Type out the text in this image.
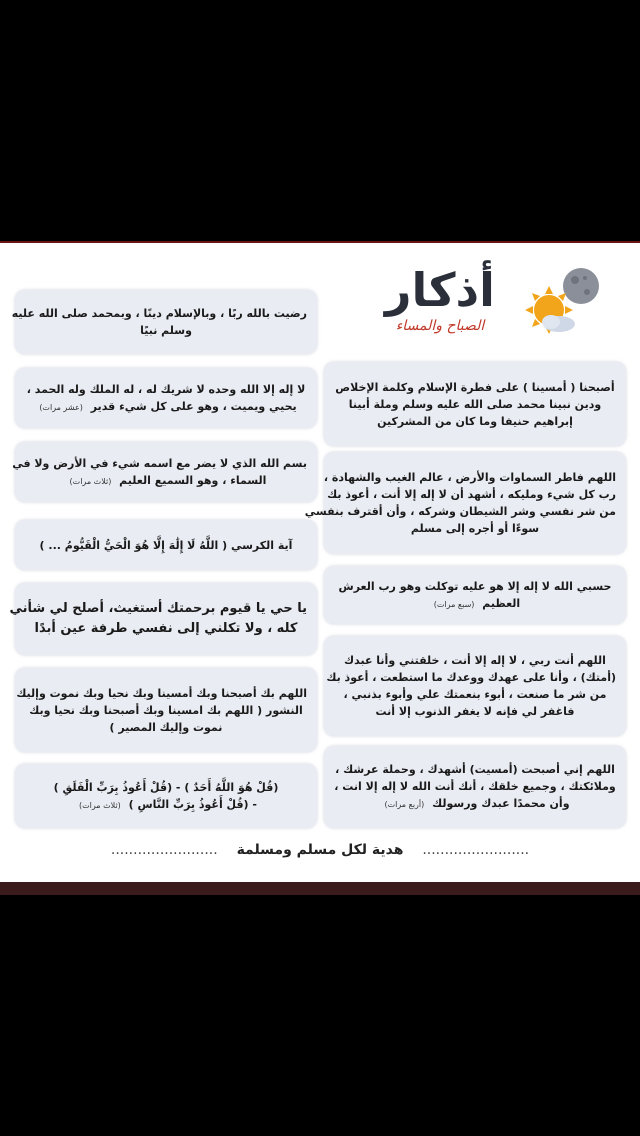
أذكار
الصباح والمساء
أصبحنا ( أمسينا ) على فطرة الإسلام وكلمة الإخلاص
ودين نبينا محمد صلى الله عليه وسلم وملة أبينا
إبراهيم حنيفا وما كان من المشركين
اللهم فاطر السماوات والأرض ، عالم الغيب والشهادة ،
رب كل شيء ومليكه ، أشهد أن لا إله إلا أنت ، أعوذ بك
من شر نفسي وشر الشيطان وشركه ، وأن أقترف بنفسي
سوءًا أو أجره إلى مسلم
حسبي الله لا إله إلا هو عليه توكلت وهو رب العرش
العظيم (سبع مرات)
اللهم أنت ربي ، لا إله إلا أنت ، خلقتني وأنا عبدك
(أمتك) ، وأنا على عهدك ووعدك ما استطعت ، أعوذ بك
من شر ما صنعت ، أبوء بنعمتك علي وأبوء بذنبي ،
فاغفر لي فإنه لا يغفر الذنوب إلا أنت
اللهم إني أصبحت (أمسيت) أشهدك ، وحملة عرشك ،
وملائكتك ، وجميع خلقك ، أنك أنت الله لا إله إلا انت ،
وأن محمدًا عبدك ورسولك (أربع مرات)
رضيت بالله ربًا ، وبالإسلام دينًا ، وبمحمد صلى الله عليه
وسلم نبيًا
لا إله إلا الله وحده لا شريك له ، له الملك وله الحمد ،
يحيي ويميت ، وهو على كل شيء قدير (عشر مرات)
بسم الله الذي لا يضر مع اسمه شيء في الأرض ولا في
السماء ، وهو السميع العليم (ثلاث مرات)
آية الكرسي ( اللَّهُ لَا إِلَٰهَ إِلَّا هُوَ الْحَيُّ الْقَيُّومُ ... )
يا حي يا قيوم برحمتك أستغيث، أصلح لي شأني
كله ، ولا تكلني إلى نفسي طرفة عين أبدًا
اللهم بك أصبحنا وبك أمسينا وبك نحيا وبك نموت وإليك
النشور ( اللهم بك امسينا وبك أصبحنا وبك نحيا وبك
نموت وإليك المصير )
(قُلْ هُوَ اللَّهُ أَحَدٌ ) - (قُلْ أَعُوذُ بِرَبِّ الْفَلَقِ )
- (قُلْ أَعُوذُ بِرَبِّ النَّاسِ ) (ثلاث مرات)
........................ هدية لكل مسلم ومسلمة ........................
